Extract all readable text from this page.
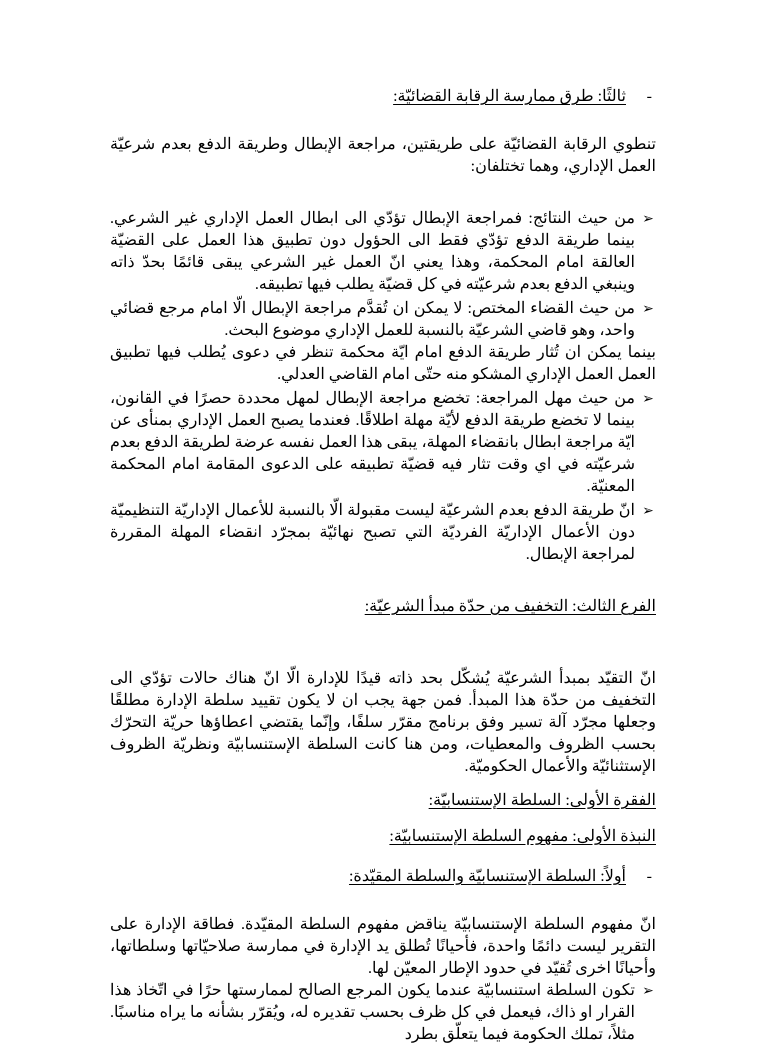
-
ثالثًا: طرق ممارسة الرقابة القضائيّة:

تنطوي الرقابة القضائيّة على طريقتين، مراجعة الإبطال وطريقة الدفع بعدم شرعيّة العمل الإداري، وهما تختلفان:

➢
من حيث النتائج: فمراجعة الإبطال تؤدّي الى ابطال العمل الإداري غير الشرعي. بينما طريقة الدفع تؤدّي فقط الى الحؤول دون تطبيق هذا العمل على القضيّة العالقة امام المحكمة، وهذا يعني انّ العمل غير الشرعي يبقى قائمًا بحدّ ذاته وينبغي الدفع بعدم شرعيّته في كل قضيّة يطلب فيها تطبيقه.

➢
من حيث القضاء المختص: لا يمكن ان تُقدَّم مراجعة الإبطال الّا امام مرجع قضائي واحد، وهو قاضي الشرعيّة بالنسبة للعمل الإداري موضوع البحث.

بينما يمكن ان تُثار طريقة الدفع امام ايّة محكمة تنظر في دعوى يُطلب فيها تطبيق العمل العمل الإداري المشكو منه حتّى امام القاضي العدلي.

➢
من حيث مهل المراجعة: تخضع مراجعة الإبطال لمهل محددة حصرًا في القانون، بينما لا تخضع طريقة الدفع لأيّة مهلة اطلاقًا. فعندما يصبح العمل الإداري بمنأى عن ايّة مراجعة ابطال بانقضاء المهلة، يبقى هذا العمل نفسه عرضة لطريقة الدفع بعدم شرعيّته في اي وقت تثار فيه قضيّة تطبيقه على الدعوى المقامة امام المحكمة المعنيّة.

➢
انّ طريقة الدفع بعدم الشرعيّة ليست مقبولة الّا بالنسبة للأعمال الإداريّة التنظيميّة دون الأعمال الإداريّة الفرديّة التي تصبح نهائيّة بمجرّد انقضاء المهلة المقررة لمراجعة الإبطال.

الفرع الثالث: التخفيف من حدّة مبدأ الشرعيّة:

انّ التقيّد بمبدأ الشرعيّة يُشكّل بحد ذاته قيدًا للإدارة الّا انّ هناك حالات تؤدّي الى التخفيف من حدّة هذا المبدأ. فمن جهة يجب ان لا يكون تقييد سلطة الإدارة مطلقًا وجعلها مجرّد آلة تسير وفق برنامج مقرّر سلفًا، وإنّما يقتضي اعطاؤها حريّة التحرّك بحسب الظروف والمعطيات، ومن هنا كانت السلطة الإستنسابيّة ونظريّة الظروف الإستثنائيّة والأعمال الحكوميّة.

الفقرة الأولى: السلطة الإستنسابيّة:

النبذة الأولى: مفهوم السلطة الإستنسابيّة:

-
أولاً: السلطة الإستنسابيّة والسلطة المقيّدة:

انّ مفهوم السلطة الإستنسابيّة يناقض مفهوم السلطة المقيّدة. فطاقة الإدارة على التقرير ليست دائمًا واحدة، فأحيانًا تُطلق يد الإدارة في ممارسة صلاحيّاتها وسلطاتها، وأحيانًا اخرى تُقيّد في حدود الإطار المعيّن لها.

➢
تكون السلطة استنسابيّة عندما يكون المرجع الصالح لممارستها حرًا في اتّخاذ هذا القرار او ذاك، فيعمل في كل ظرف بحسب تقديره له، ويُقرّر بشأنه ما يراه مناسبًا. مثلاً، تملك الحكومة فيما يتعلّق بطرد
